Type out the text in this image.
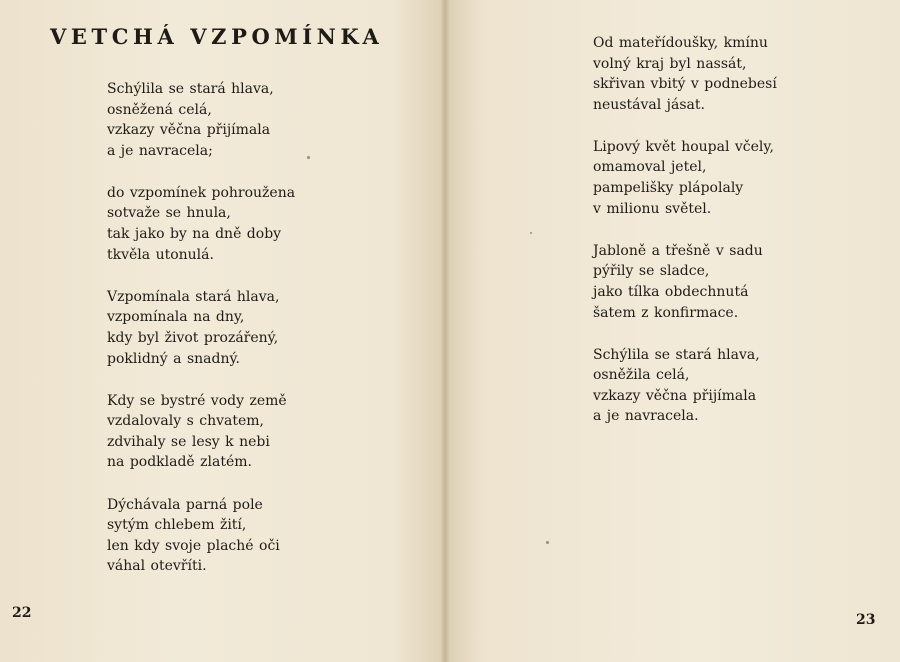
VETCHÁ VZPOMÍNKA

Schýlila se stará hlava,
osněžená celá,
vzkazy věčna přijímala
a je navracela;

do vzpomínek pohroužena
sotvaže se hnula,
tak jako by na dně doby
tkvěla utonulá.

Vzpomínala stará hlava,
vzpomínala na dny,
kdy byl život prozářený,
poklidný a snadný.

Kdy se bystré vody země
vzdalovaly s chvatem,
zdvihaly se lesy k nebi
na podkladě zlatém.

Dýchávala parná pole
sytým chlebem žití,
len kdy svoje plaché oči
váhal otevříti.

22

Od mateřídoušky, kmínu
volný kraj byl nassát,
skřivan vbitý v podnebesí
neustával jásat.

Lipový květ houpal včely,
omamoval jetel,
pampelišky plápolaly
v milionu světel.

Jabloně a třešně v sadu
pýřily se sladce,
jako tílka obdechnutá
šatem z konfirmace.

Schýlila se stará hlava,
osněžila celá,
vzkazy věčna přijímala
a je navracela.

23
